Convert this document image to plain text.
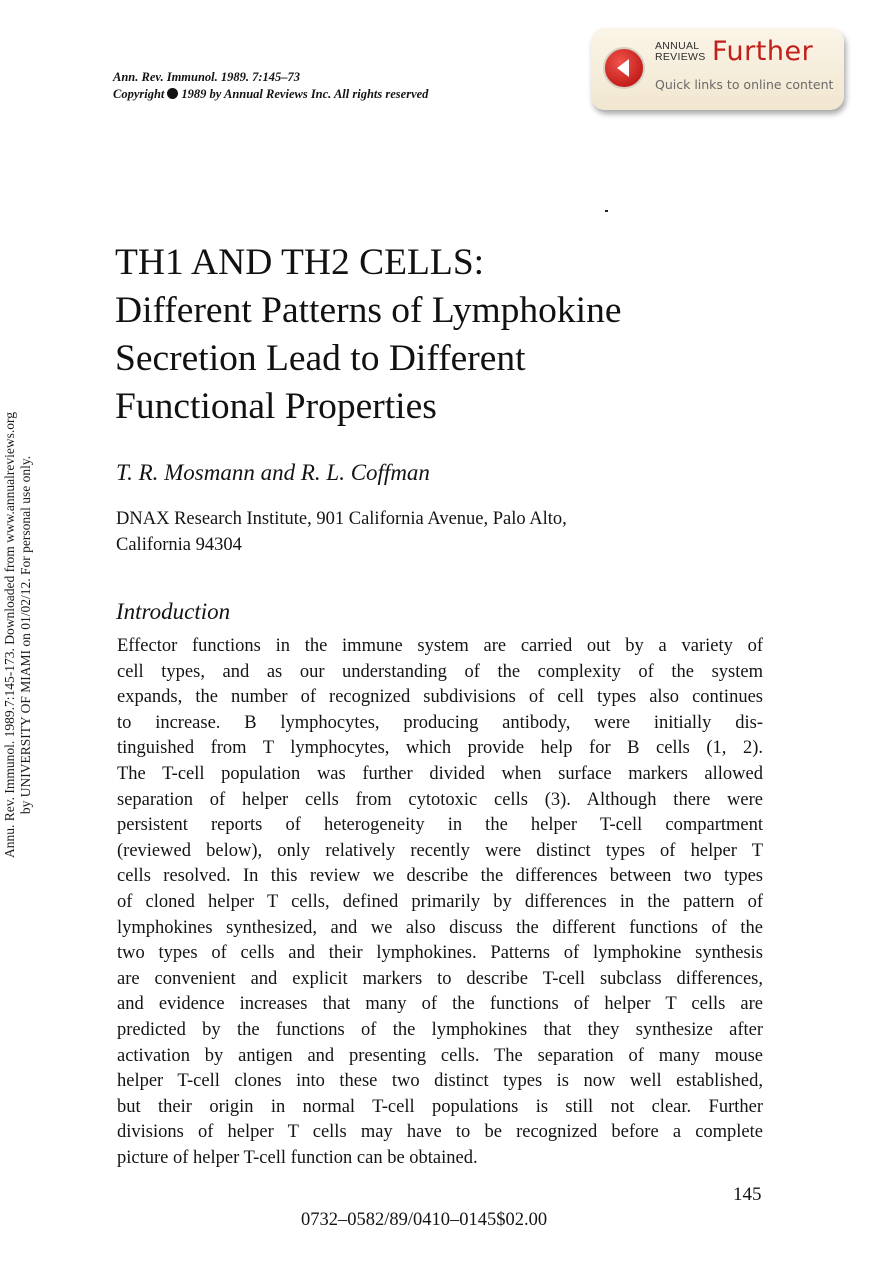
Ann. Rev. Immunol. 1989. 7:145–73
Copyright 1989 by Annual Reviews Inc. All rights reserved
ANNUAL
REVIEWS Further
Quick links to online content
Annu. Rev. Immunol. 1989.7:145-173. Downloaded from www.annualreviews.org by UNIVERSITY OF MIAMI on 01/02/12. For personal use only.
TH1 AND TH2 CELLS:
Different Patterns of Lymphokine
Secretion Lead to Different
Functional Properties
T. R. Mosmann and R. L. Coffman
DNAX Research Institute, 901 California Avenue, Palo Alto,
California 94304
Introduction
Effector functions in the immune system are carried out by a variety of
cell types, and as our understanding of the complexity of the system
expands, the number of recognized subdivisions of cell types also continues
to increase. B lymphocytes, producing antibody, were initially dis-
tinguished from T lymphocytes, which provide help for B cells (1, 2).
The T-cell population was further divided when surface markers allowed
separation of helper cells from cytotoxic cells (3). Although there were
persistent reports of heterogeneity in the helper T-cell compartment
(reviewed below), only relatively recently were distinct types of helper T
cells resolved. In this review we describe the differences between two types
of cloned helper T cells, defined primarily by differences in the pattern of
lymphokines synthesized, and we also discuss the different functions of the
two types of cells and their lymphokines. Patterns of lymphokine synthesis
are convenient and explicit markers to describe T-cell subclass differences,
and evidence increases that many of the functions of helper T cells are
predicted by the functions of the lymphokines that they synthesize after
activation by antigen and presenting cells. The separation of many mouse
helper T-cell clones into these two distinct types is now well established,
but their origin in normal T-cell populations is still not clear. Further
divisions of helper T cells may have to be recognized before a complete
picture of helper T-cell function can be obtained.
145
0732–0582/89/0410–0145$02.00
